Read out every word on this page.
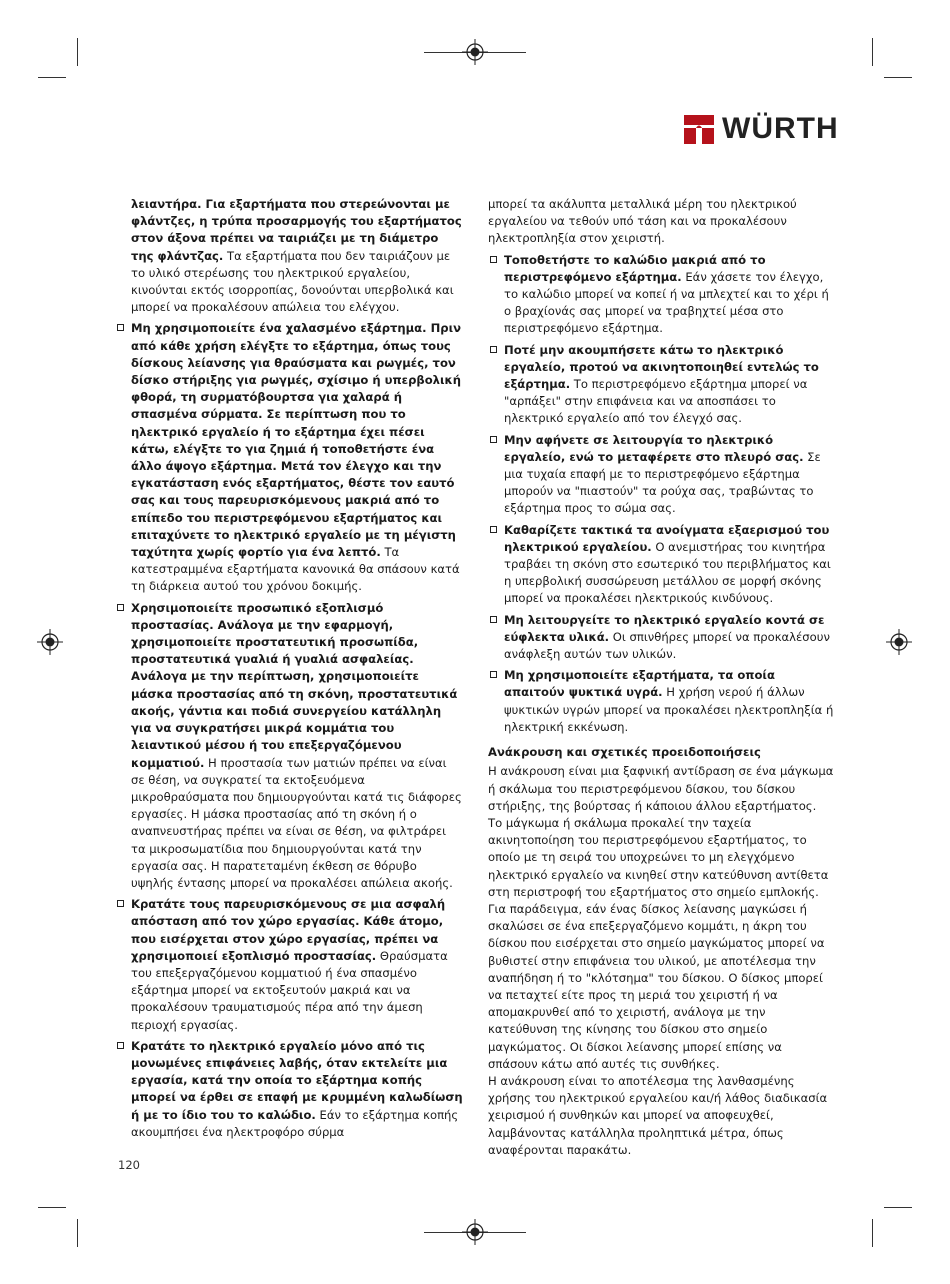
WÜRTH
λειαντήρα. Για εξαρτήματα που στερεώνονται με φλάντζες, η τρύπα προσαρμογής του εξαρτήματος στον άξονα πρέπει να ταιριάζει με τη διάμετρο της φλάντζας. Τα εξαρτήματα που δεν ταιριάζουν με το υλικό στερέωσης του ηλεκτρικού εργαλείου, κινούνται εκτός ισορροπίας, δονούνται υπερβολικά και μπορεί να προκαλέσουν απώλεια του ελέγχου.
Μη χρησιμοποιείτε ένα χαλασμένο εξάρτημα. Πριν από κάθε χρήση ελέγξτε το εξάρτημα, όπως τους δίσκους λείανσης για θραύσματα και ρωγμές, τον δίσκο στήριξης για ρωγμές, σχίσιμο ή υπερβολική φθορά, τη συρματόβουρτσα για χαλαρά ή σπασμένα σύρματα. Σε περίπτωση που το ηλεκτρικό εργαλείο ή το εξάρτημα έχει πέσει κάτω, ελέγξτε το για ζημιά ή τοποθετήστε ένα άλλο άψογο εξάρτημα. Μετά τον έλεγχο και την εγκατάσταση ενός εξαρτήματος, θέστε τον εαυτό σας και τους παρευρισκόμενους μακριά από το επίπεδο του περιστρεφόμενου εξαρτήματος και επιταχύνετε το ηλεκτρικό εργαλείο με τη μέγιστη ταχύτητα χωρίς φορτίο για ένα λεπτό. Τα κατεστραμμένα εξαρτήματα κανονικά θα σπάσουν κατά τη διάρκεια αυτού του χρόνου δοκιμής.
Χρησιμοποιείτε προσωπικό εξοπλισμό προστασίας. Ανάλογα με την εφαρμογή, χρησιμοποιείτε προστατευτική προσωπίδα, προστατευτικά γυαλιά ή γυαλιά ασφαλείας. Ανάλογα με την περίπτωση, χρησιμοποιείτε μάσκα προστασίας από τη σκόνη, προστατευτικά ακοής, γάντια και ποδιά συνεργείου κατάλληλη για να συγκρατήσει μικρά κομμάτια του λειαντικού μέσου ή του επεξεργαζόμενου κομματιού. Η προστασία των ματιών πρέπει να είναι σε θέση, να συγκρατεί τα εκτοξευόμενα μικροθραύσματα που δημιουργούνται κατά τις διάφορες εργασίες. Η μάσκα προστασίας από τη σκόνη ή ο αναπνευστήρας πρέπει να είναι σε θέση, να φιλτράρει τα μικροσωματίδια που δημιουργούνται κατά την εργασία σας. Η παρατεταμένη έκθεση σε θόρυβο υψηλής έντασης μπορεί να προκαλέσει απώλεια ακοής.
Κρατάτε τους παρευρισκόμενους σε μια ασφαλή απόσταση από τον χώρο εργασίας. Κάθε άτομο, που εισέρχεται στον χώρο εργασίας, πρέπει να χρησιμοποιεί εξοπλισμό προστασίας. Θραύσματα του επεξεργαζόμενου κομματιού ή ένα σπασμένο εξάρτημα μπορεί να εκτοξευτούν μακριά και να προκαλέσουν τραυματισμούς πέρα από την άμεση περιοχή εργασίας.
Κρατάτε το ηλεκτρικό εργαλείο μόνο από τις μονωμένες επιφάνειες λαβής, όταν εκτελείτε μια εργασία, κατά την οποία το εξάρτημα κοπής μπορεί να έρθει σε επαφή με κρυμμένη καλωδίωση ή με το ίδιο του το καλώδιο. Εάν το εξάρτημα κοπής ακουμπήσει ένα ηλεκτροφόρο σύρμα
μπορεί τα ακάλυπτα μεταλλικά μέρη του ηλεκτρικού εργαλείου να τεθούν υπό τάση και να προκαλέσουν ηλεκτροπληξία στον χειριστή.
Τοποθετήστε το καλώδιο μακριά από το περιστρεφόμενο εξάρτημα. Εάν χάσετε τον έλεγχο, το καλώδιο μπορεί να κοπεί ή να μπλεχτεί και το χέρι ή ο βραχίονάς σας μπορεί να τραβηχτεί μέσα στο περιστρεφόμενο εξάρτημα.
Ποτέ μην ακουμπήσετε κάτω το ηλεκτρικό εργαλείο, προτού να ακινητοποιηθεί εντελώς το εξάρτημα. Το περιστρεφόμενο εξάρτημα μπορεί να "αρπάξει" στην επιφάνεια και να αποσπάσει το ηλεκτρικό εργαλείο από τον έλεγχό σας.
Μην αφήνετε σε λειτουργία το ηλεκτρικό εργαλείο, ενώ το μεταφέρετε στο πλευρό σας. Σε μια τυχαία επαφή με το περιστρεφόμενο εξάρτημα μπορούν να "πιαστούν" τα ρούχα σας, τραβώντας το εξάρτημα προς το σώμα σας.
Καθαρίζετε τακτικά τα ανοίγματα εξαερισμού του ηλεκτρικού εργαλείου. Ο ανεμιστήρας του κινητήρα τραβάει τη σκόνη στο εσωτερικό του περιβλήματος και η υπερβολική συσσώρευση μετάλλου σε μορφή σκόνης μπορεί να προκαλέσει ηλεκτρικούς κινδύνους.
Μη λειτουργείτε το ηλεκτρικό εργαλείο κοντά σε εύφλεκτα υλικά. Οι σπινθήρες μπορεί να προκαλέσουν ανάφλεξη αυτών των υλικών.
Μη χρησιμοποιείτε εξαρτήματα, τα οποία απαιτούν ψυκτικά υγρά. Η χρήση νερού ή άλλων ψυκτικών υγρών μπορεί να προκαλέσει ηλεκτροπληξία ή ηλεκτρική εκκένωση.
Ανάκρουση και σχετικές προειδοποιήσεις

Η ανάκρουση είναι μια ξαφνική αντίδραση σε ένα μάγκωμα ή σκάλωμα του περιστρεφόμενου δίσκου, του δίσκου στήριξης, της βούρτσας ή κάποιου άλλου εξαρτήματος. Το μάγκωμα ή σκάλωμα προκαλεί την ταχεία ακινητοποίηση του περιστρεφόμενου εξαρτήματος, το οποίο με τη σειρά του υποχρεώνει το μη ελεγχόμενο ηλεκτρικό εργαλείο να κινηθεί στην κατεύθυνση αντίθετα στη περιστροφή του εξαρτήματος στο σημείο εμπλοκής.

Για παράδειγμα, εάν ένας δίσκος λείανσης μαγκώσει ή σκαλώσει σε ένα επεξεργαζόμενο κομμάτι, η άκρη του δίσκου που εισέρχεται στο σημείο μαγκώματος μπορεί να βυθιστεί στην επιφάνεια του υλικού, με αποτέλεσμα την αναπήδηση ή το "κλότσημα" του δίσκου. Ο δίσκος μπορεί να πεταχτεί είτε προς τη μεριά του χειριστή ή να απομακρυνθεί από το χειριστή, ανάλογα με την κατεύθυνση της κίνησης του δίσκου στο σημείο μαγκώματος. Οι δίσκοι λείανσης μπορεί επίσης να σπάσουν κάτω από αυτές τις συνθήκες.

Η ανάκρουση είναι το αποτέλεσμα της λανθασμένης χρήσης του ηλεκτρικού εργαλείου και/ή λάθος διαδικασία χειρισμού ή συνθηκών και μπορεί να αποφευχθεί, λαμβάνοντας κατάλληλα προληπτικά μέτρα, όπως αναφέρονται παρακάτω.

120
